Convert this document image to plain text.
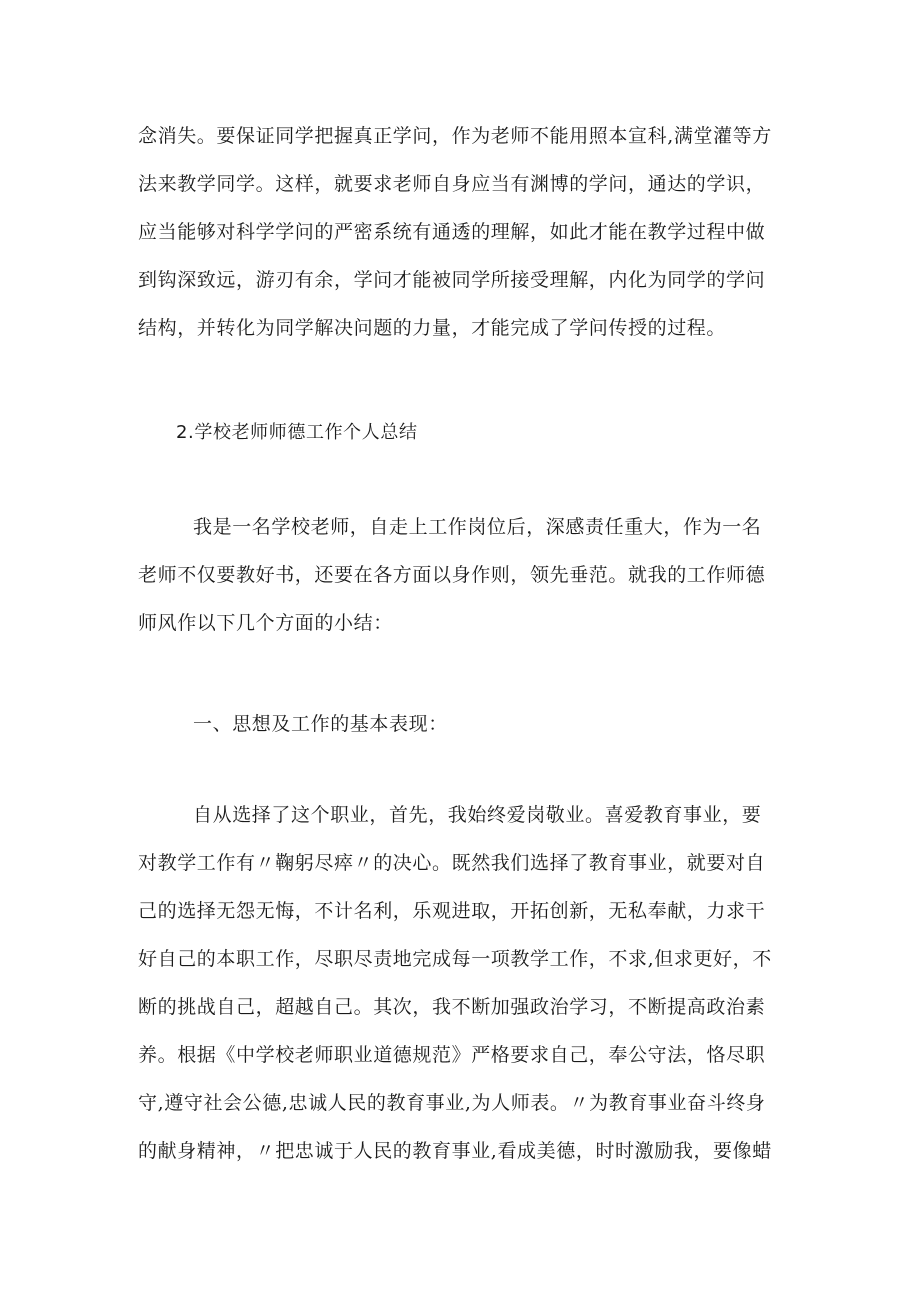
念消失。要保证同学把握真正学问，作为老师不能用照本宣科,满堂灌等方
法来教学同学。这样，就要求老师自身应当有渊博的学问，通达的学识，
应当能够对科学学问的严密系统有通透的理解，如此才能在教学过程中做
到钩深致远，游刃有余，学问才能被同学所接受理解，内化为同学的学问
结构，并转化为同学解决问题的力量，才能完成了学问传授的过程。
2.学校老师师德工作个人总结
我是一名学校老师，自走上工作岗位后，深感责任重大，作为一名
老师不仅要教好书，还要在各方面以身作则，领先垂范。就我的工作师德
师风作以下几个方面的小结：
一、思想及工作的基本表现：
自从选择了这个职业，首先，我始终爱岗敬业。喜爱教育事业，要
对教学工作有〃鞠躬尽瘁〃的决心。既然我们选择了教育事业，就要对自
己的选择无怨无悔，不计名利，乐观进取，开拓创新，无私奉献，力求干
好自己的本职工作，尽职尽责地完成每一项教学工作，不求,但求更好，不
断的挑战自己，超越自己。其次，我不断加强政治学习，不断提高政治素
养。根据《中学校老师职业道德规范》严格要求自己，奉公守法，恪尽职
守,遵守社会公德,忠诚人民的教育事业,为人师表。〃为教育事业奋斗终身
的献身精神，〃把忠诚于人民的教育事业,看成美德，时时激励我，要像蜡
